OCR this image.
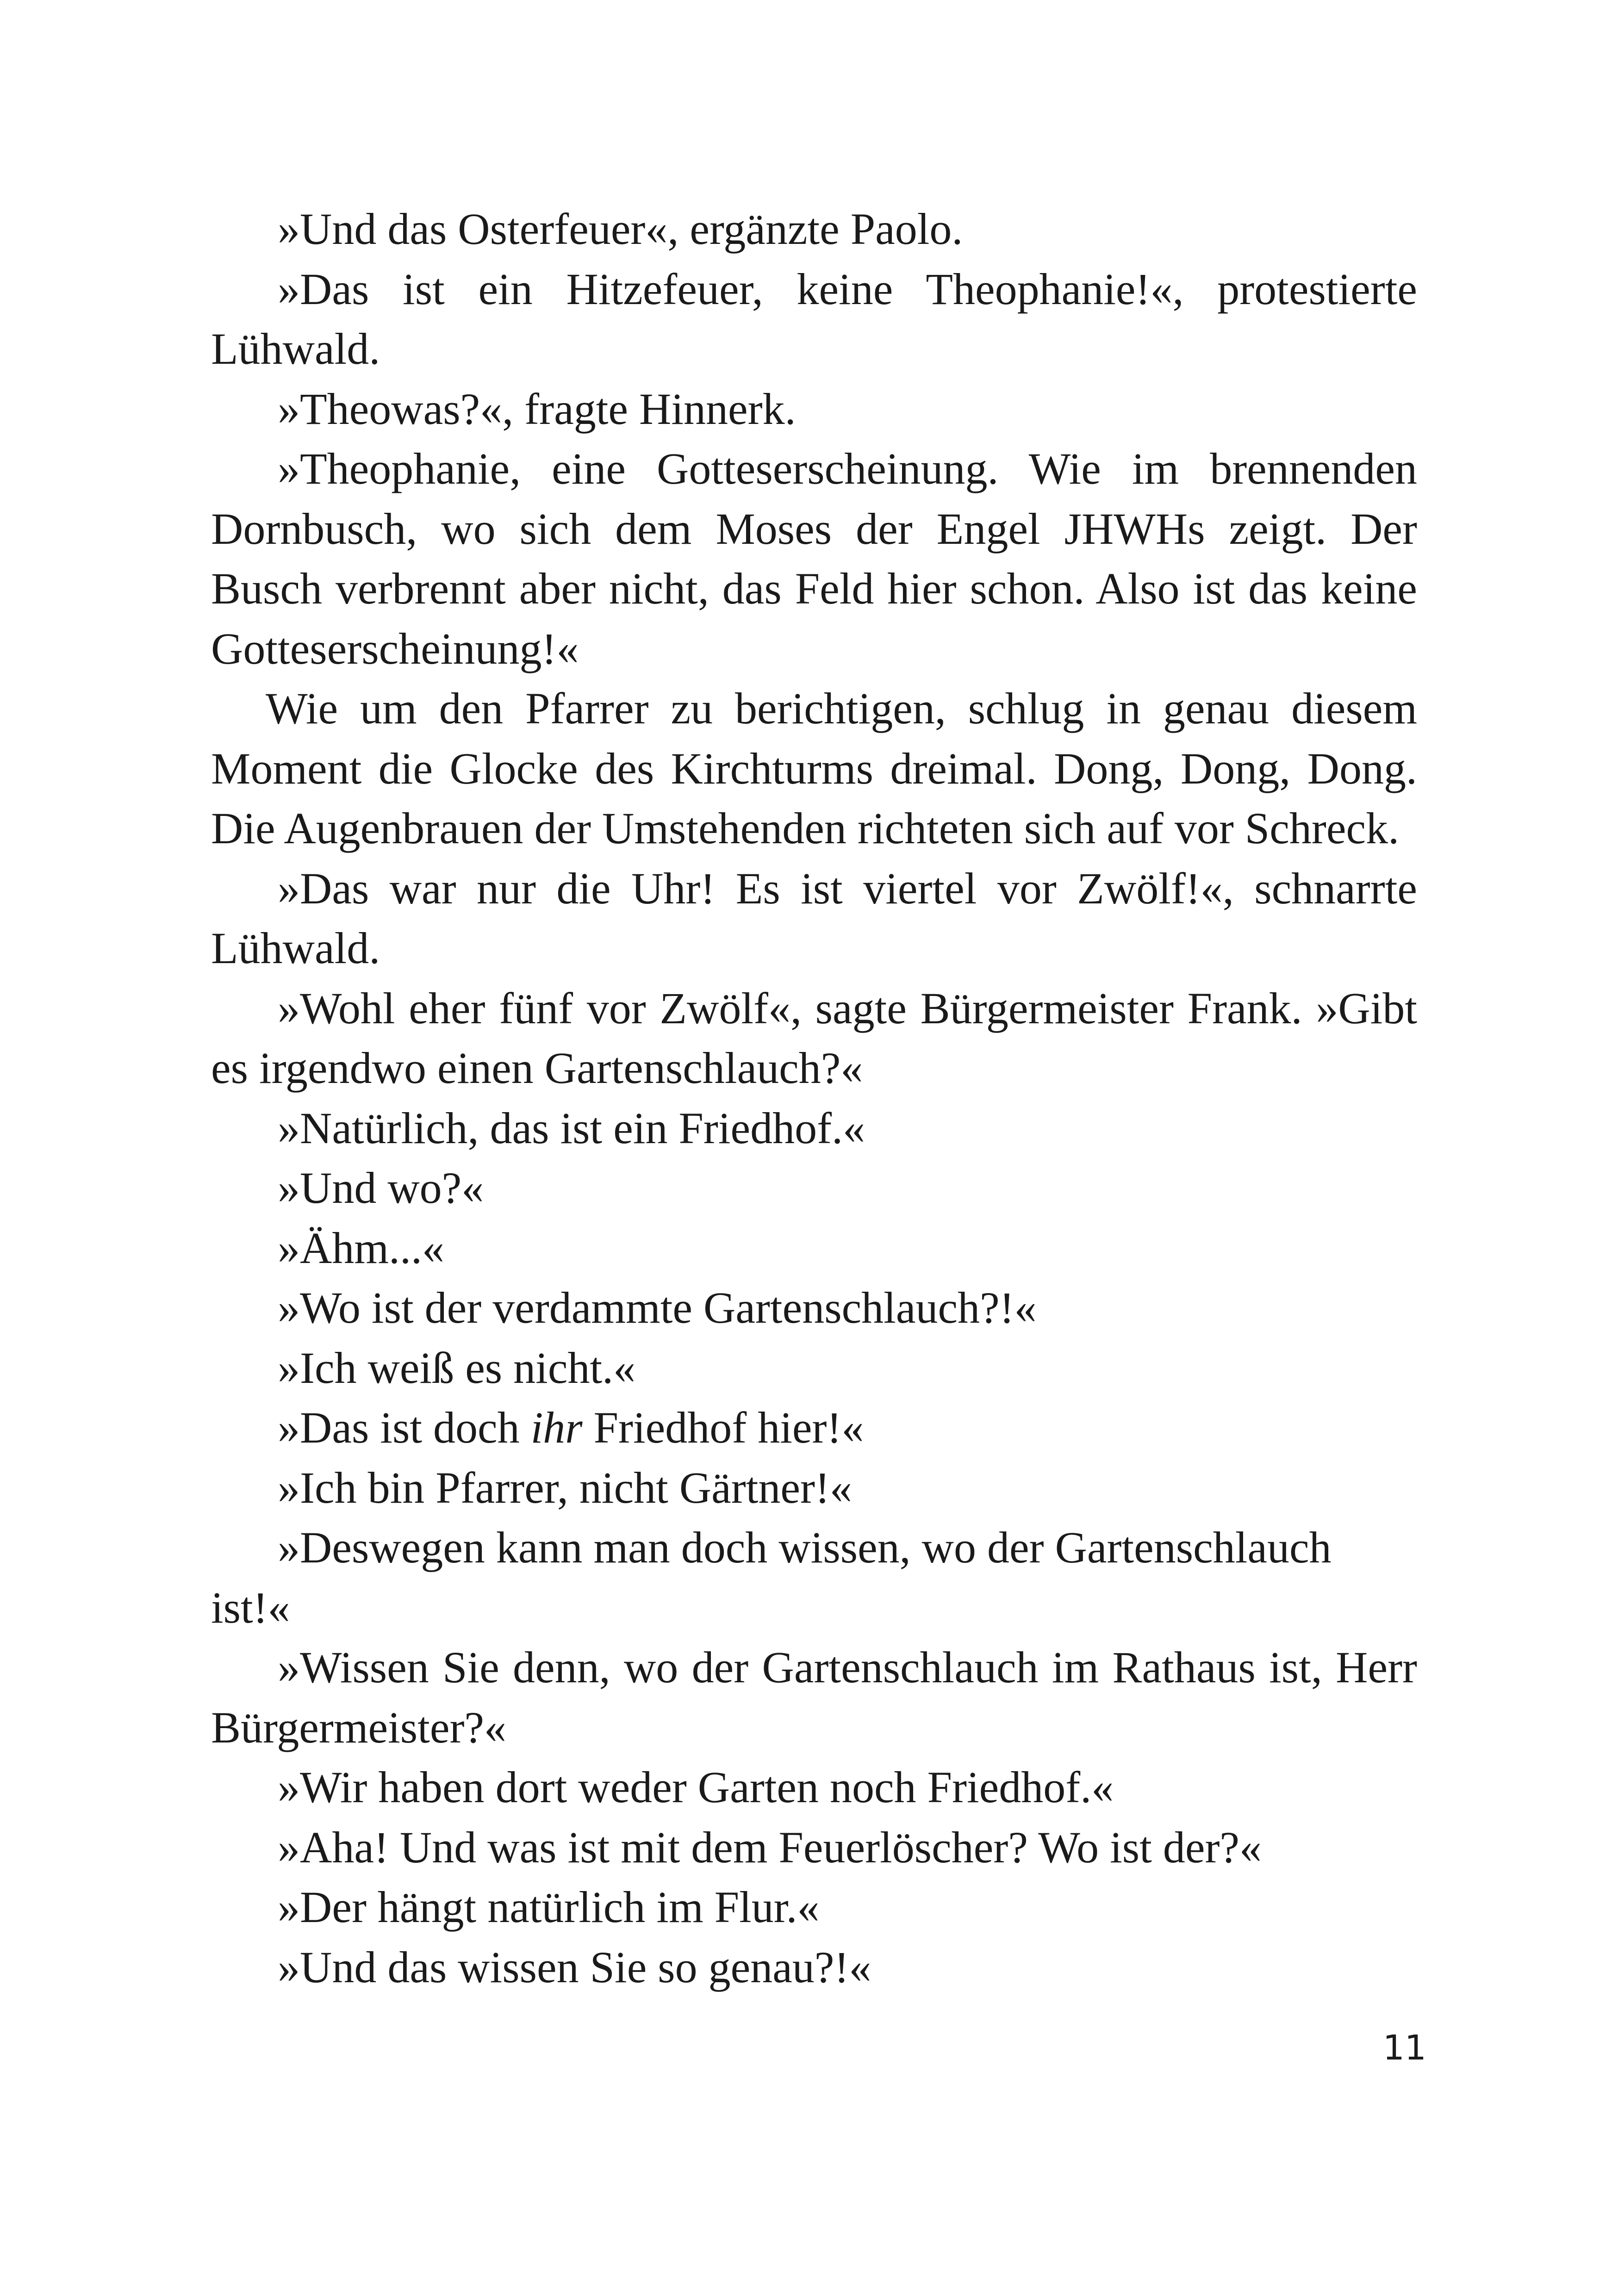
»Und das Osterfeuer«, ergänzte Paolo.

»Das ist ein Hitzefeuer, keine Theophanie!«, protestierte Lühwald.

»Theowas?«, fragte Hinnerk.

»Theophanie, eine Gotteserscheinung. Wie im brennenden Dornbusch, wo sich dem Moses der Engel JHWHs zeigt. Der Busch verbrennt aber nicht, das Feld hier schon. Also ist das keine Gotteserscheinung!«

Wie um den Pfarrer zu berichtigen, schlug in genau diesem Moment die Glocke des Kirchturms dreimal. Dong, Dong, Dong. Die Augenbrauen der Umstehenden richteten sich auf vor Schreck.

»Das war nur die Uhr! Es ist viertel vor Zwölf!«, schnarrte Lühwald.

»Wohl eher fünf vor Zwölf«, sagte Bürgermeister Frank. »Gibt es irgendwo einen Gartenschlauch?«

»Natürlich, das ist ein Friedhof.«

»Und wo?«

»Ähm...«

»Wo ist der verdammte Gartenschlauch?!«

»Ich weiß es nicht.«

»Das ist doch ihr Friedhof hier!«

»Ich bin Pfarrer, nicht Gärtner!«

»Deswegen kann man doch wissen, wo der Gartenschlauch ist!«

»Wissen Sie denn, wo der Gartenschlauch im Rathaus ist, Herr Bürgermeister?«

»Wir haben dort weder Garten noch Friedhof.«

»Aha! Und was ist mit dem Feuerlöscher? Wo ist der?«

»Der hängt natürlich im Flur.«

»Und das wissen Sie so genau?!«

11
